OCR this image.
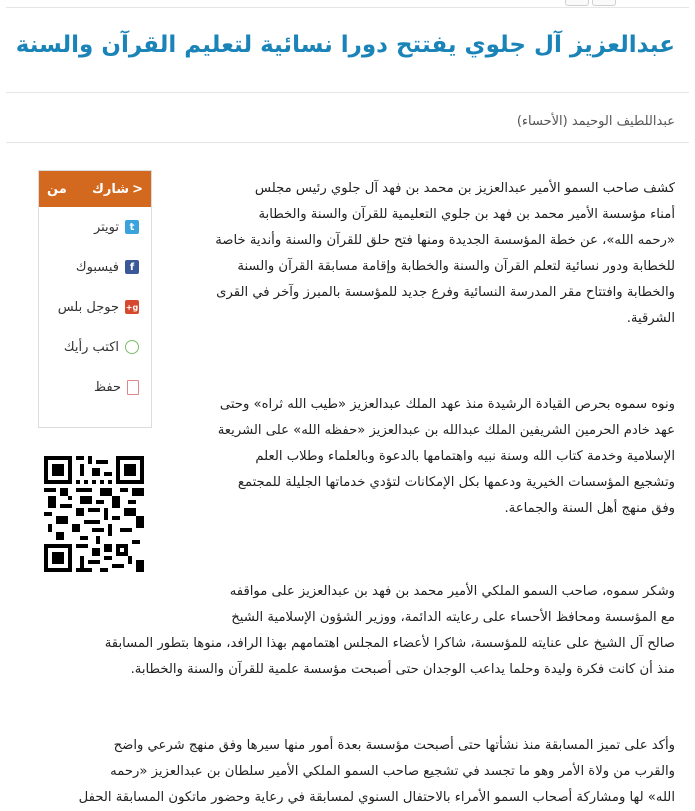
عبدالعزيز آل جلوي يفتتح دورا نسائية لتعليم القرآن والسنة
عبداللطيف الوحيمد (الأحساء)
<
شارك
من
t
تويتر
f
فيسبوك
g+
جوجل بلس
اكتب رأيك
حفظ
كشف صاحب السمو الأمير عبدالعزيز بن محمد بن فهد آل جلوي رئيس مجلس
أمناء مؤسسة الأمير محمد بن فهد بن جلوي التعليمية للقرآن والسنة والخطابة
«رحمه الله»، عن خطة المؤسسة الجديدة ومنها فتح حلق للقرآن والسنة وأندية خاصة
للخطابة ودور نسائية لتعلم القرآن والسنة والخطابة وإقامة مسابقة القرآن والسنة
والخطابة وافتتاح مقر المدرسة النسائية وفرع جديد للمؤسسة بالمبرز وآخر في القرى
الشرقية.
ونوه سموه بحرص القيادة الرشيدة منذ عهد الملك عبدالعزيز «طيب الله ثراه» وحتى
عهد خادم الحرمين الشريفين الملك عبدالله بن عبدالعزيز «حفظه الله» على الشريعة
الإسلامية وخدمة كتاب الله وسنة نبيه واهتمامها بالدعوة وبالعلماء وطلاب العلم
وتشجيع المؤسسات الخيرية ودعمها بكل الإمكانات لتؤدي خدماتها الجليلة للمجتمع
وفق منهج أهل السنة والجماعة.
وشكر سموه، صاحب السمو الملكي الأمير محمد بن فهد بن عبدالعزيز على مواقفه
مع المؤسسة ومحافظ الأحساء على رعايته الدائمة، ووزير الشؤون الإسلامية الشيخ
صالح آل الشيخ على عنايته للمؤسسة، شاكرا لأعضاء المجلس اهتمامهم بهذا الرافد، منوها بتطور المسابقة
منذ أن كانت فكرة وليدة وحلما يداعب الوجدان حتى أصبحت مؤسسة علمية للقرآن والسنة والخطابة.
وأكد على تميز المسابقة منذ نشأتها حتى أصبحت مؤسسة بعدة أمور منها سيرها وفق منهج شرعي واضح
والقرب من ولاة الأمر وهو ما تجسد في تشجيع صاحب السمو الملكي الأمير سلطان بن عبدالعزيز «رحمه
الله» لها ومشاركة أصحاب السمو الأمراء بالاحتفال السنوي لمسابقة في رعاية وحضور ماتكون المسابقة الحفل
